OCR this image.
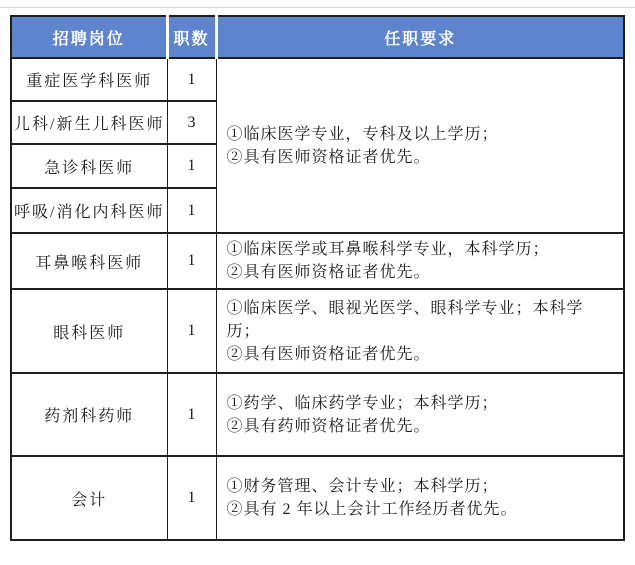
招聘岗位	职数	任职要求
重症医学科医师	1	①临床医学专业，专科及以上学历；
②具有医师资格证者优先。

儿科/新生儿科医师	3	
急诊科医师	1	
呼吸/消化内科医师	1	
耳鼻喉科医师	1	①临床医学或耳鼻喉科学专业，本科学历；
②具有医师资格证者优先。

眼科医师	1	①临床医学、眼视光医学、眼科学专业；本科学历；
②具有医师资格证者优先。

药剂科药师	1	①药学、临床药学专业；本科学历；
②具有药师资格证者优先。

会计	1	①财务管理、会计专业；本科学历；
②具有 2 年以上会计工作经历者优先。
